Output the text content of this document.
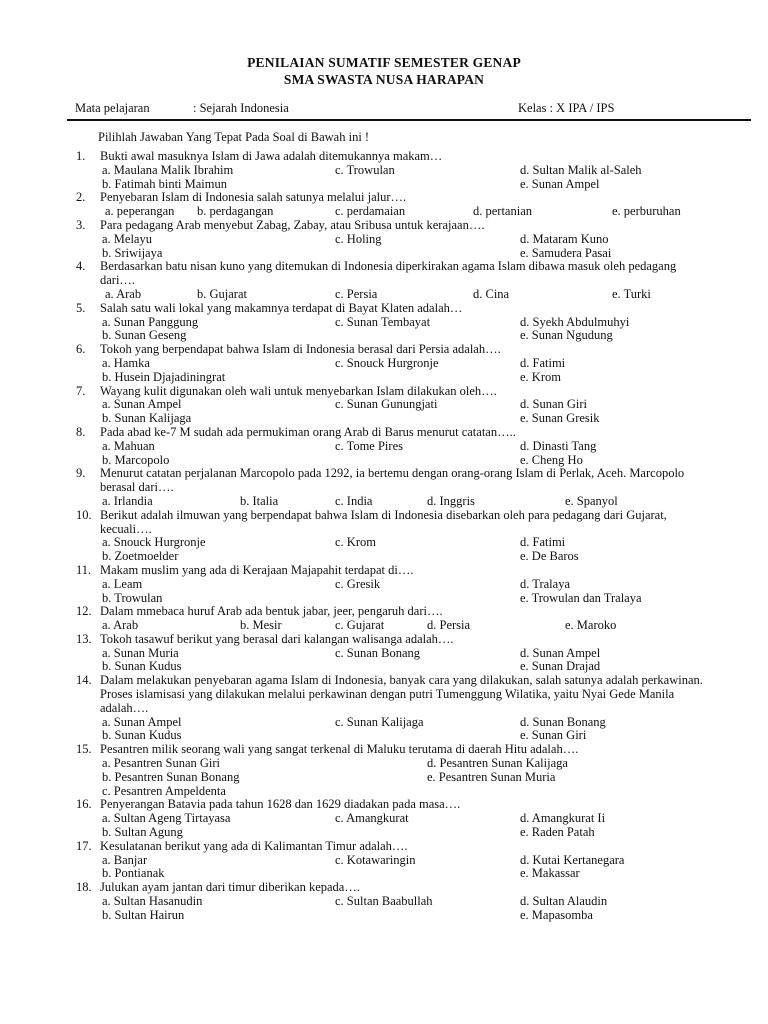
PENILAIAN SUMATIF SEMESTER GENAP
SMA SWASTA NUSA HARAPAN
Mata pelajaran	: Sejarah Indonesia	Kelas : X IPA / IPS
Pilihlah Jawaban Yang Tepat Pada Soal di Bawah ini !
1. Bukti awal masuknya Islam di Jawa adalah ditemukannya makam…
a. Maulana Malik Ibrahim	c. Trowulan	d. Sultan Malik al-Saleh
b. Fatimah binti Maimun	e. Sunan Ampel
2. Penyebaran Islam di Indonesia salah satunya melalui jalur….
a. peperangan b. perdagangan	c. perdamaian	d. pertanian	e. perburuhan
3. Para pedagang Arab menyebut Zabag, Zabay, atau Sribusa untuk kerajaan….
a. Melayu	c. Holing	d. Mataram Kuno
b. Sriwijaya	e. Samudera Pasai
4. Berdasarkan batu nisan kuno yang ditemukan di Indonesia diperkirakan agama Islam dibawa masuk oleh pedagang dari….
a. Arab	b. Gujarat	c. Persia	d. Cina	e. Turki
5. Salah satu wali lokal yang makamnya terdapat di Bayat Klaten adalah…
a. Sunan Panggung	c. Sunan Tembayat	d. Syekh Abdulmuhyi
b. Sunan Geseng	e. Sunan Ngudung
6. Tokoh yang berpendapat bahwa Islam di Indonesia berasal dari Persia adalah….
a. Hamka	c. Snouck Hurgronje	d. Fatimi
b. Husein Djajadiningrat	e. Krom
7. Wayang kulit digunakan oleh wali untuk menyebarkan Islam dilakukan oleh….
a. Sunan Ampel	c. Sunan Gunungjati	d. Sunan Giri
b. Sunan Kalijaga	e. Sunan Gresik
8. Pada abad ke-7 M sudah ada permukiman orang Arab di Barus menurut catatan…..
a. Mahuan	c. Tome Pires	d. Dinasti Tang
b. Marcopolo	e. Cheng Ho
9. Menurut catatan perjalanan Marcopolo pada 1292, ia bertemu dengan orang-orang Islam di Perlak, Aceh. Marcopolo berasal dari….
a. Irlandia	b. Italia	c. India	d. Inggris	e. Spanyol
10. Berikut adalah ilmuwan yang berpendapat bahwa Islam di Indonesia disebarkan oleh para pedagang dari Gujarat, kecuali….
a. Snouck Hurgronje	c. Krom	d. Fatimi
b. Zoetmoelder	e. De Baros
11. Makam muslim yang ada di Kerajaan Majapahit terdapat di….
a. Leam	c. Gresik	d. Tralaya
b. Trowulan	e. Trowulan dan Tralaya
12. Dalam mmebaca huruf Arab ada bentuk jabar, jeer, pengaruh dari….
a. Arab	b. Mesir	c. Gujarat	d. Persia	e. Maroko
13. Tokoh tasawuf berikut yang berasal dari kalangan walisanga adalah….
a. Sunan Muria	c. Sunan Bonang	d. Sunan Ampel
b. Sunan Kudus	e. Sunan Drajad
14. Dalam melakukan penyebaran agama Islam di Indonesia, banyak cara yang dilakukan, salah satunya adalah perkawinan. Proses islamisasi yang dilakukan melalui perkawinan dengan putri Tumenggung Wilatika, yaitu Nyai Gede Manila adalah….
a. Sunan Ampel	c. Sunan Kalijaga	d. Sunan Bonang
b. Sunan Kudus	e. Sunan Giri
15. Pesantren milik seorang wali yang sangat terkenal di Maluku terutama di daerah Hitu adalah….
a. Pesantren Sunan Giri	d. Pesantren Sunan Kalijaga
b. Pesantren Sunan Bonang	e. Pesantren Sunan Muria
c. Pesantren Ampeldenta
16. Penyerangan Batavia pada tahun 1628 dan 1629 diadakan pada masa….
a. Sultan Ageng Tirtayasa	c. Amangkurat	d. Amangkurat Ii
b. Sultan Agung	e. Raden Patah
17. Kesulatanan berikut yang ada di Kalimantan Timur adalah….
a. Banjar	c. Kotawaringin	d. Kutai Kertanegara
b. Pontianak	e. Makassar
18. Julukan ayam jantan dari timur diberikan kepada….
a. Sultan Hasanudin	c. Sultan Baabullah	d. Sultan Alaudin
b. Sultan Hairun	e. Mapasomba
